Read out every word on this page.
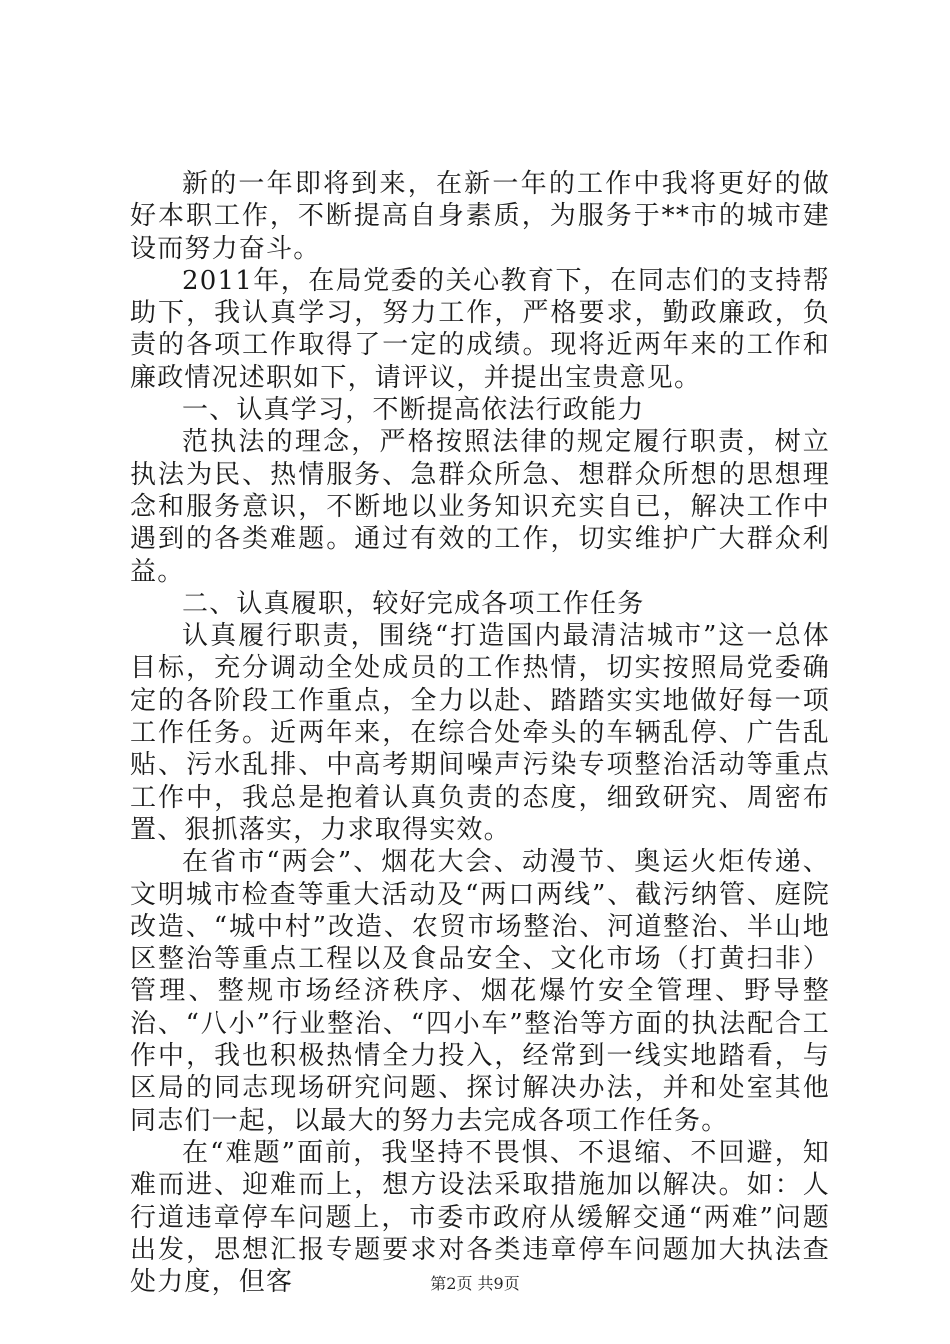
新的一年即将到来，在新一年的工作中我将更好的做好本职工作，不断提高自身素质，为服务于**市的城市建设而努力奋斗。

2011年，在局党委的关心教育下，在同志们的支持帮助下，我认真学习，努力工作，严格要求，勤政廉政，负责的各项工作取得了一定的成绩。现将近两年来的工作和廉政情况述职如下，请评议，并提出宝贵意见。

一、认真学习，不断提高依法行政能力

范执法的理念，严格按照法律的规定履行职责，树立执法为民、热情服务、急群众所急、想群众所想的思想理念和服务意识，不断地以业务知识充实自已，解决工作中遇到的各类难题。通过有效的工作，切实维护广大群众利益。

二、认真履职，较好完成各项工作任务

认真履行职责，围绕“打造国内最清洁城市”这一总体目标，充分调动全处成员的工作热情，切实按照局党委确定的各阶段工作重点，全力以赴、踏踏实实地做好每一项工作任务。近两年来，在综合处牵头的车辆乱停、广告乱贴、污水乱排、中高考期间噪声污染专项整治活动等重点工作中，我总是抱着认真负责的态度，细致研究、周密布置、狠抓落实，力求取得实效。

在省市“两会”、烟花大会、动漫节、奥运火炬传递、文明城市检查等重大活动及“两口两线”、截污纳管、庭院改造、“城中村”改造、农贸市场整治、河道整治、半山地区整治等重点工程以及食品安全、文化市场（打黄扫非）管理、整规市场经济秩序、烟花爆竹安全管理、野导整治、“八小”行业整治、“四小车”整治等方面的执法配合工作中，我也积极热情全力投入，经常到一线实地踏看，与区局的同志现场研究问题、探讨解决办法，并和处室其他同志们一起，以最大的努力去完成各项工作任务。

在“难题”面前，我坚持不畏惧、不退缩、不回避，知难而进、迎难而上，想方设法采取措施加以解决。如：人行道违章停车问题上，市委市政府从缓解交通“两难”问题出发，思想汇报专题要求对各类违章停车问题加大执法查处力度，但客	第2页 共9页
